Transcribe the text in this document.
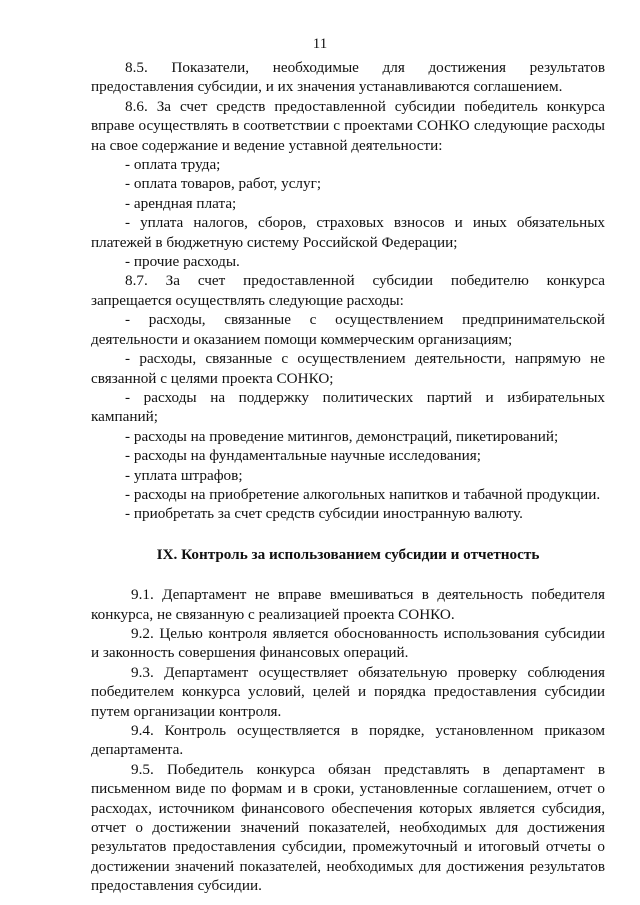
11

8.5. Показатели, необходимые для достижения результатов предоставления субсидии, и их значения устанавливаются соглашением.

8.6. За счет средств предоставленной субсидии победитель конкурса вправе осуществлять в соответствии с проектами СОНКО следующие расходы на свое содержание и ведение уставной деятельности:

- оплата труда;

- оплата товаров, работ, услуг;

- арендная плата;

- уплата налогов, сборов, страховых взносов и иных обязательных платежей в бюджетную систему Российской Федерации;

- прочие расходы.

8.7. За счет предоставленной субсидии победителю конкурса запрещается осуществлять следующие расходы:

- расходы, связанные с осуществлением предпринимательской деятельности и оказанием помощи коммерческим организациям;

- расходы, связанные с осуществлением деятельности, напрямую не связанной с целями проекта СОНКО;

- расходы на поддержку политических партий и избирательных кампаний;

- расходы на проведение митингов, демонстраций, пикетирований;

- расходы на фундаментальные научные исследования;

- уплата штрафов;

- расходы на приобретение алкогольных напитков и табачной продукции.

- приобретать за счет средств субсидии иностранную валюту.

IX. Контроль за использованием субсидии и отчетность

9.1. Департамент не вправе вмешиваться в деятельность победителя конкурса, не связанную с реализацией проекта СОНКО.

9.2. Целью контроля является обоснованность использования субсидии и законность совершения финансовых операций.

9.3. Департамент осуществляет обязательную проверку соблюдения победителем конкурса условий, целей и порядка предоставления субсидии путем организации контроля.

9.4. Контроль осуществляется в порядке, установленном приказом департамента.

9.5. Победитель конкурса обязан представлять в департамент в письменном виде по формам и в сроки, установленные соглашением, отчет о расходах, источником финансового обеспечения которых является субсидия, отчет о достижении значений показателей, необходимых для достижения результатов предоставления субсидии, промежуточный и итоговый отчеты о достижении значений показателей, необходимых для достижения результатов предоставления субсидии.
